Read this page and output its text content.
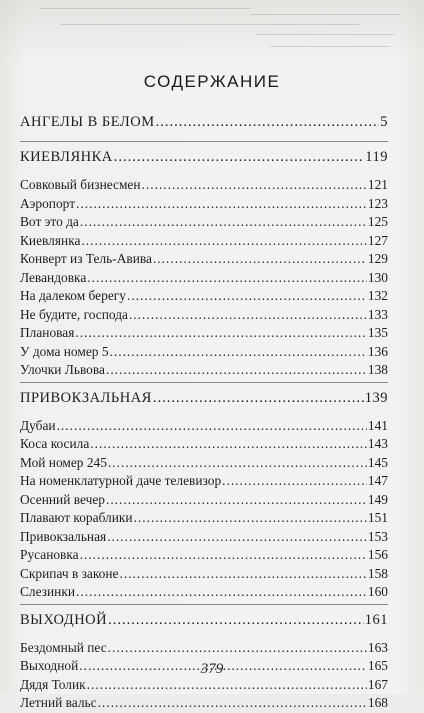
СОДЕРЖАНИЕ
АНГЕЛЫ В БЕЛОМ .....	5
КИЕВЛЯНКА .....	119
Совковый бизнесмен .....	121
Аэропорт .....	123
Вот это да .....	125
Киевлянка .....	127
Конверт из Тель-Авива .....	129
Левандовка .....	130
На далеком берегу .....	132
Не будите, господа .....	133
Плановая .....	135
У дома номер 5 .....	136
Улочки Львова .....	138
ПРИВОКЗАЛЬНАЯ .....	139
Дубаи .....	141
Коса косила .....	143
Мой номер 245 .....	145
На номенклатурной даче телевизор .....	147
Осенний вечер .....	149
Плавают кораблики .....	151
Привокзальная .....	153
Русановка .....	156
Скрипач в законе .....	158
Слезинки .....	160
ВЫХОДНОЙ .....	161
Бездомный пес .....	163
Выходной .....	165
Дядя Толик .....	167
Летний вальс .....	168
379
